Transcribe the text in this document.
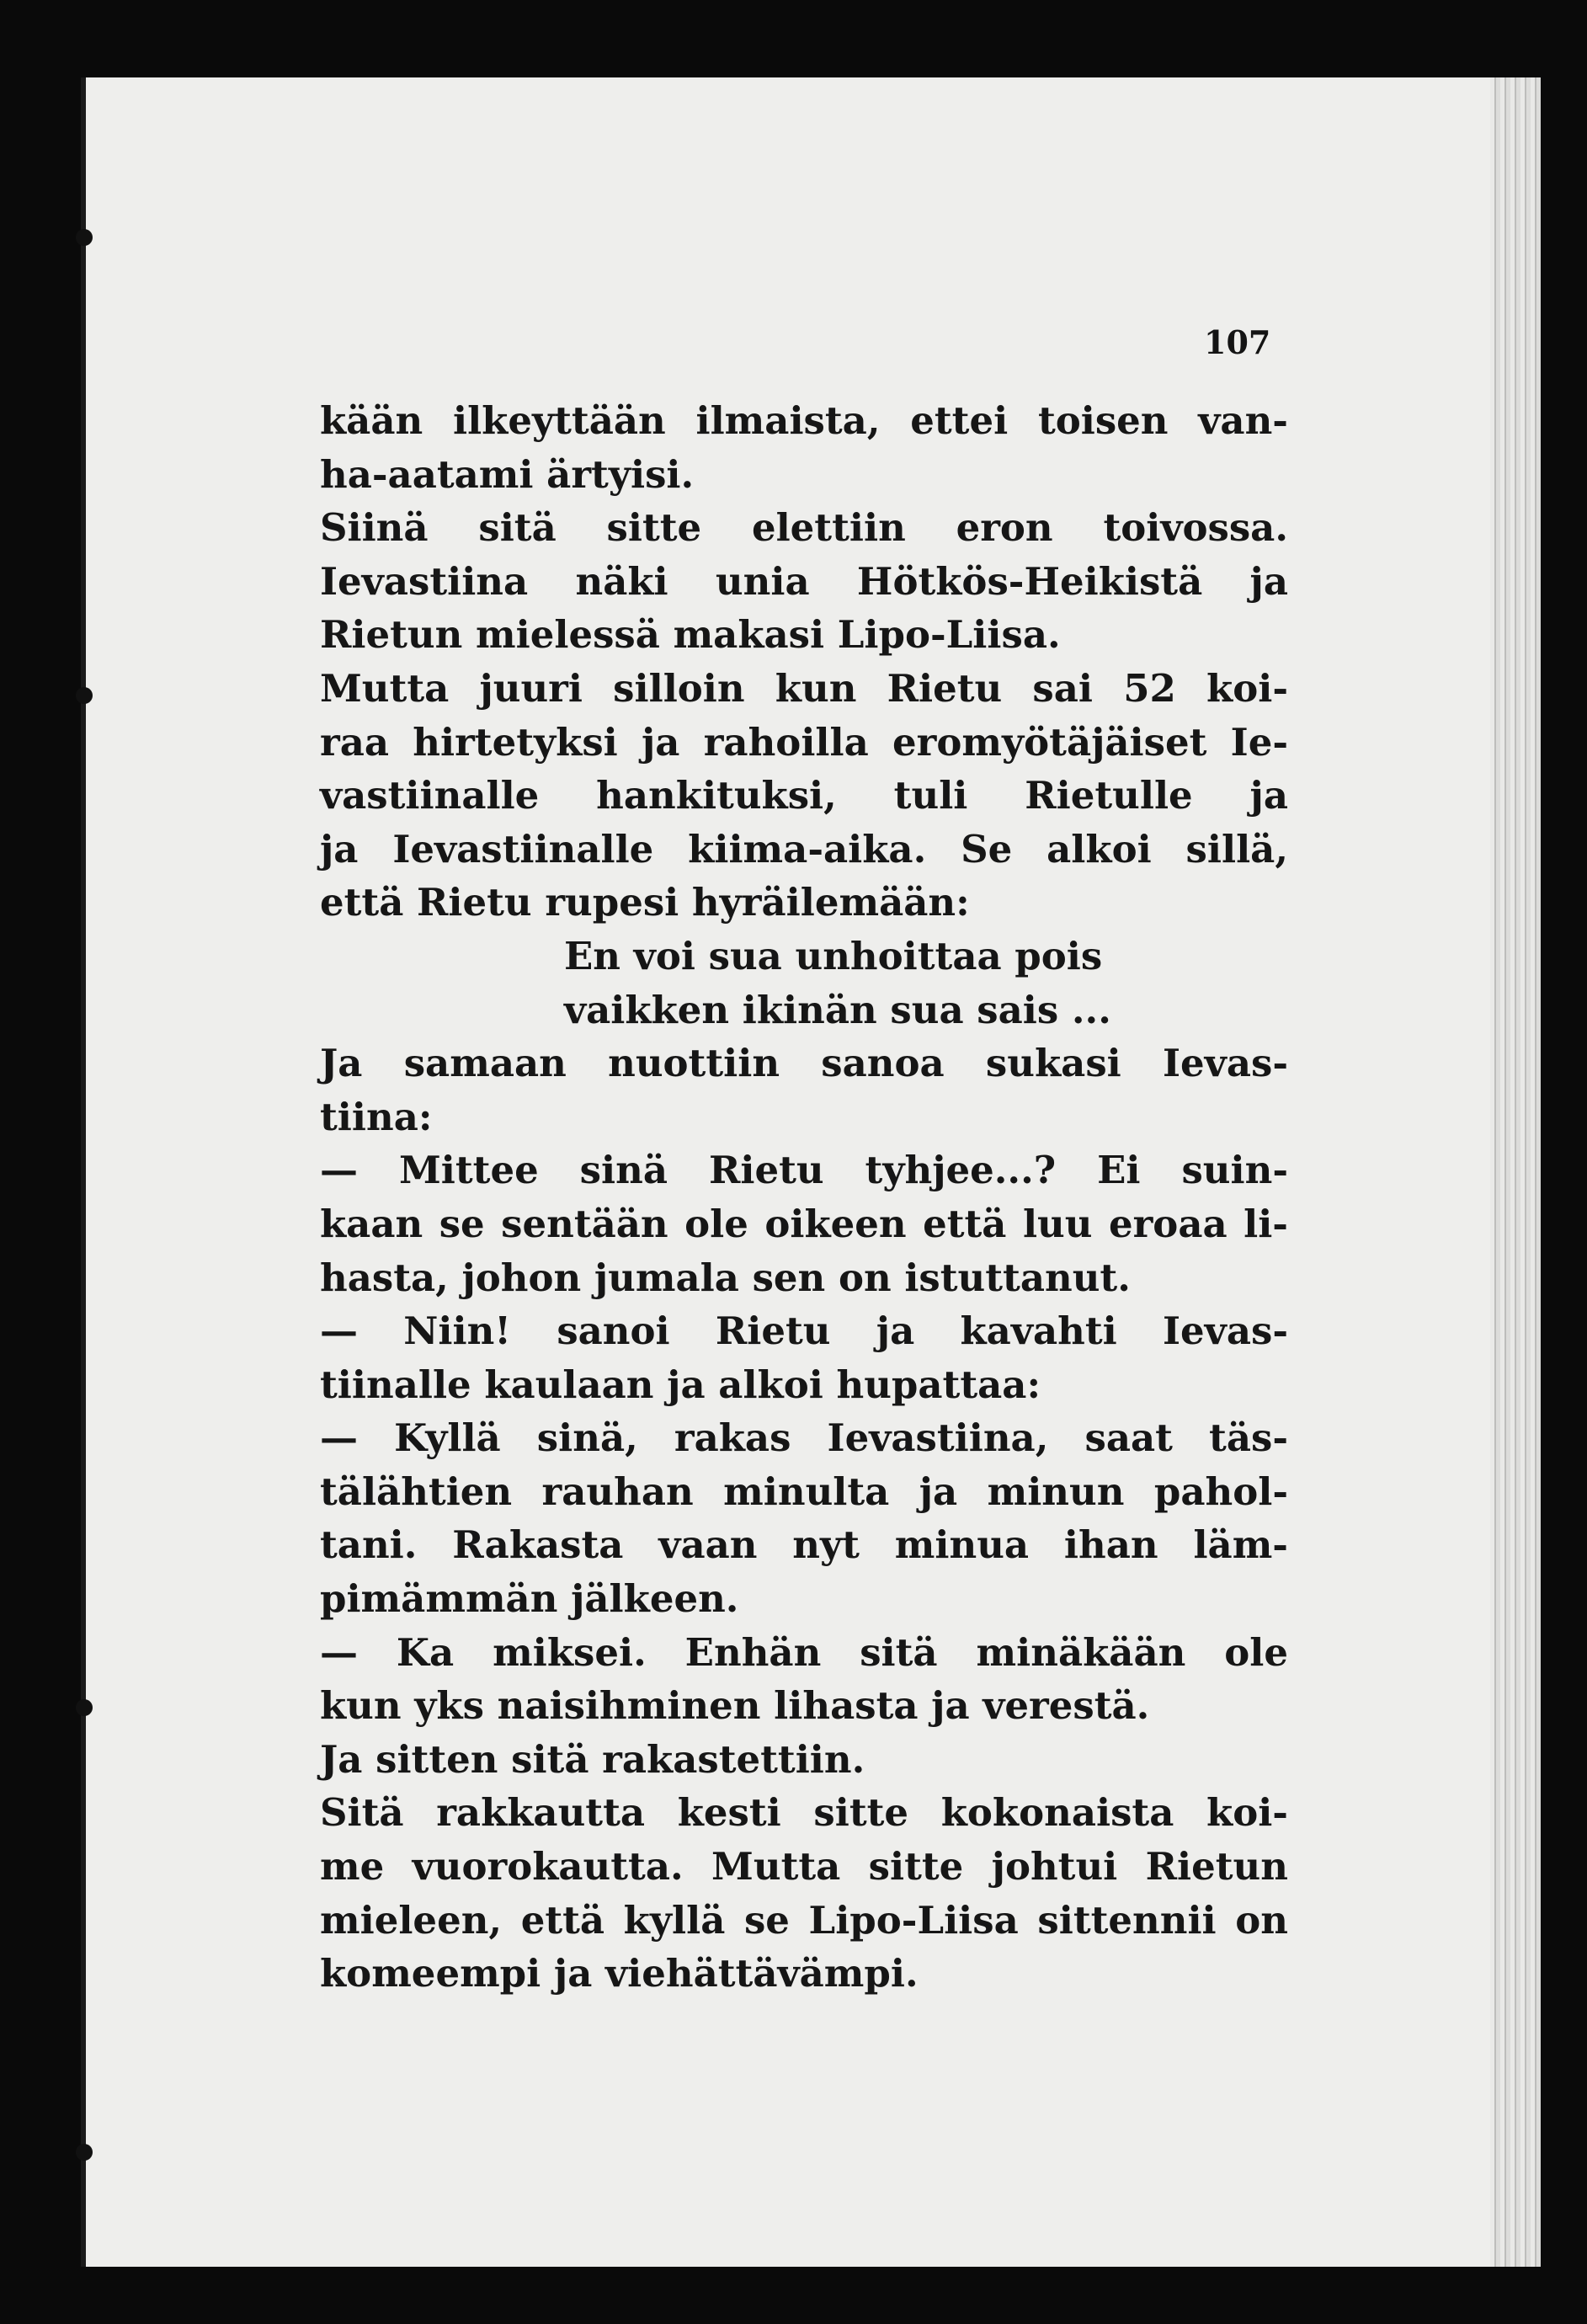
107
kään ilkeyttään ilmaista, ettei toisen van-
ha-aatami ärtyisi.
Siinä sitä sitte elettiin eron toivossa.
Ievastiina näki unia Hötkös-Heikistä ja
Rietun mielessä makasi Lipo-Liisa.
Mutta juuri silloin kun Rietu sai 52 koi-
raa hirtetyksi ja rahoilla eromyötäjäiset Ie-
vastiinalle hankituksi, tuli Rietulle ja
ja Ievastiinalle kiima-aika. Se alkoi sillä,
että Rietu rupesi hyräilemään:
En voi sua unhoittaa pois
vaikken ikinän sua sais ...
Ja samaan nuottiin sanoa sukasi Ievas-
tiina:
— Mittee sinä Rietu tyhjee...? Ei suin-
kaan se sentään ole oikeen että luu eroaa li-
hasta, johon jumala sen on istuttanut.
— Niin! sanoi Rietu ja kavahti Ievas-
tiinalle kaulaan ja alkoi hupattaa:
— Kyllä sinä, rakas Ievastiina, saat täs-
tälähtien rauhan minulta ja minun pahol-
tani. Rakasta vaan nyt minua ihan läm-
pimämmän jälkeen.
— Ka miksei. Enhän sitä minäkään ole
kun yks naisihminen lihasta ja verestä.
Ja sitten sitä rakastettiin.
Sitä rakkautta kesti sitte kokonaista koi-
me vuorokautta. Mutta sitte johtui Rietun
mieleen, että kyllä se Lipo-Liisa sittennii on
komeempi ja viehättävämpi.
